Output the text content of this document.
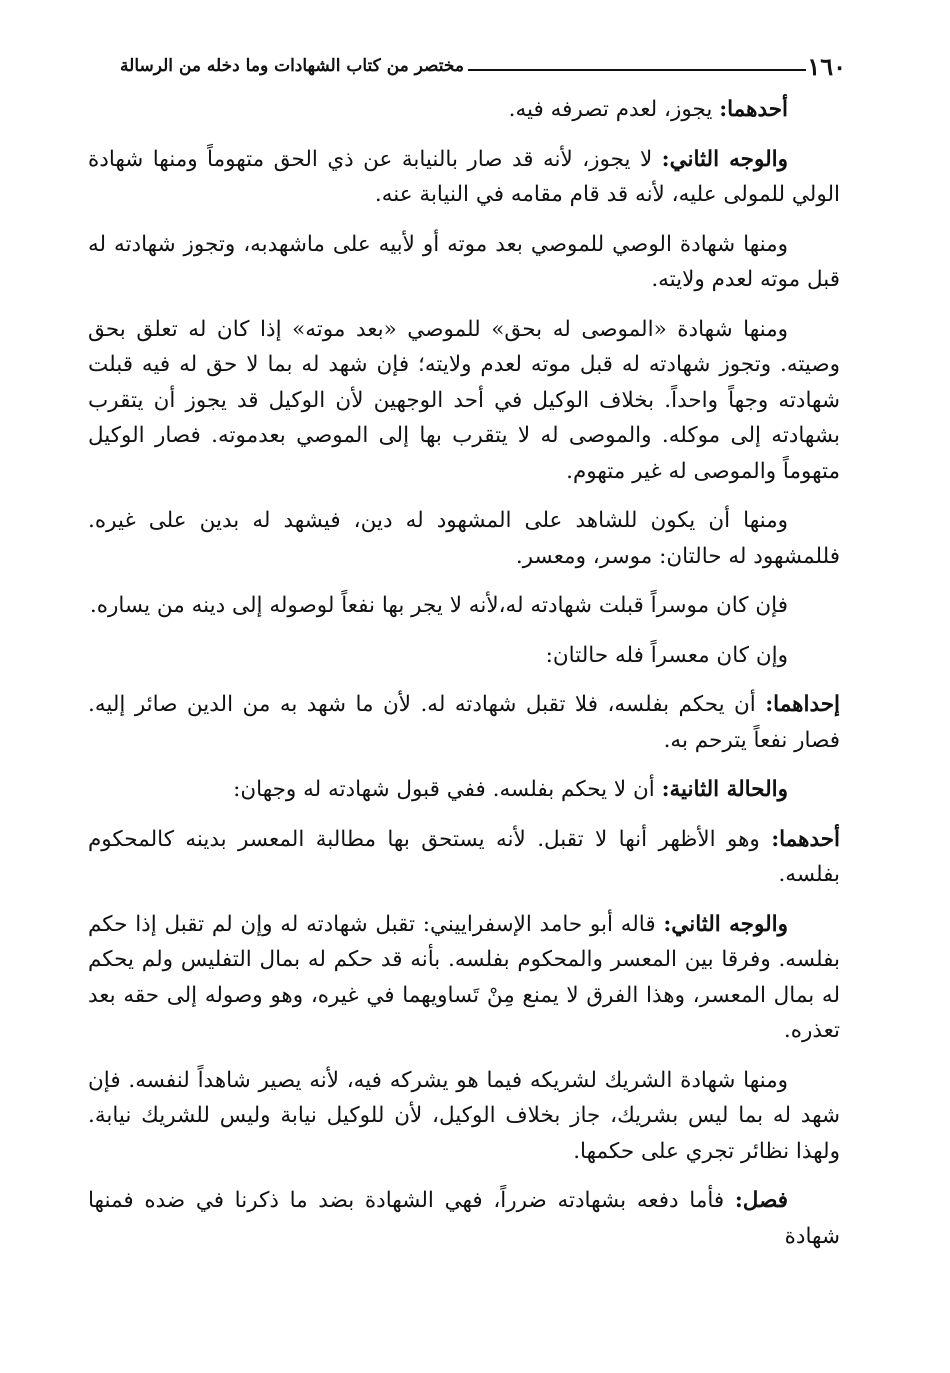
١٦٠
مختصر من كتاب الشهادات وما دخله من الرسالة

أحدهما: يجوز، لعدم تصرفه فيه.

والوجه الثاني: لا يجوز، لأنه قد صار بالنيابة عن ذي الحق متهوماً ومنها شهادة الولي للمولى عليه، لأنه قد قام مقامه في النيابة عنه.

ومنها شهادة الوصي للموصي بعد موته أو لأبيه على ماشهدبه، وتجوز شهادته له قبل موته لعدم ولايته.

ومنها شهادة «الموصى له بحق» للموصي «بعد موته» إذا كان له تعلق بحق وصيته. وتجوز شهادته له قبل موته لعدم ولايته؛ فإن شهد له بما لا حق له فيه قبلت شهادته وجهاً واحداً. بخلاف الوكيل في أحد الوجهين لأن الوكيل قد يجوز أن يتقرب بشهادته إلى موكله. والموصى له لا يتقرب بها إلى الموصي بعدموته. فصار الوكيل متهوماً والموصى له غير متهوم.

ومنها أن يكون للشاهد على المشهود له دين، فيشهد له بدين على غيره. فللمشهود له حالتان: موسر، ومعسر.

فإن كان موسراً قبلت شهادته له،لأنه لا يجر بها نفعاً لوصوله إلى دينه من يساره.

وإن كان معسراً فله حالتان:

إحداهما: أن يحكم بفلسه، فلا تقبل شهادته له. لأن ما شهد به من الدين صائر إليه. فصار نفعاً يترحم به.

والحالة الثانية: أن لا يحكم بفلسه. ففي قبول شهادته له وجهان:

أحدهما: وهو الأظهر أنها لا تقبل. لأنه يستحق بها مطالبة المعسر بدينه كالمحكوم بفلسه.

والوجه الثاني: قاله أبو حامد الإسفراييني: تقبل شهادته له وإن لم تقبل إذا حكم بفلسه. وفرقا بين المعسر والمحكوم بفلسه. بأنه قد حكم له بمال التفليس ولم يحكم له بمال المعسر، وهذا الفرق لا يمنع مِنْ تَساويهما في غيره، وهو وصوله إلى حقه بعد تعذره.

ومنها شهادة الشريك لشريكه فيما هو يشركه فيه، لأنه يصير شاهداً لنفسه. فإن شهد له بما ليس بشريك، جاز بخلاف الوكيل، لأن للوكيل نيابة وليس للشريك نيابة. ولهذا نظائر تجري على حكمها.

فصل: فأما دفعه بشهادته ضرراً، فهي الشهادة بضد ما ذكرنا في ضده فمنها شهادة
